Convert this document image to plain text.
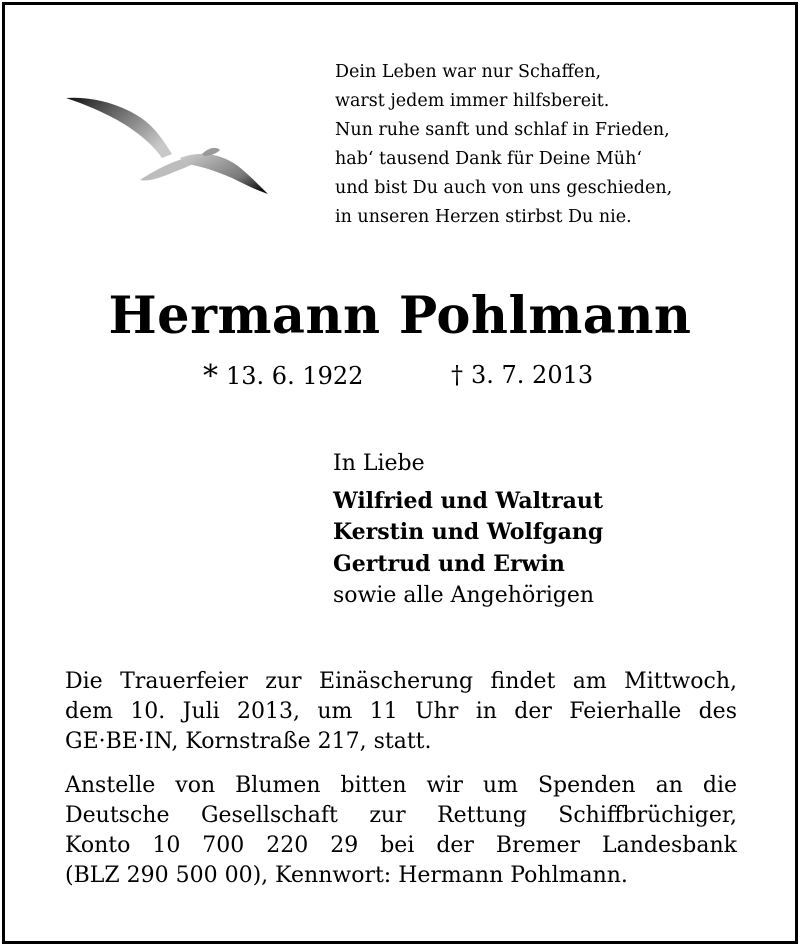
Dein Leben war nur Schaffen,
warst jedem immer hilfsbereit.
Nun ruhe sanft und schlaf in Frieden,
hab‘ tausend Dank für Deine Müh‘
und bist Du auch von uns geschieden,
in unseren Herzen stirbst Du nie.
Hermann Pohlmann
* 13. 6. 1922	† 3. 7. 2013
In Liebe
Wilfried und Waltraut
Kerstin und Wolfgang
Gertrud und Erwin
sowie alle Angehörigen

Die Trauerfeier zur Einäscherung findet am Mittwoch,
dem 10. Juli 2013, um 11 Uhr in der Feierhalle des
GE·BE·IN, Kornstraße 217, statt.

Anstelle von Blumen bitten wir um Spenden an die
Deutsche Gesellschaft zur Rettung Schiffbrüchiger,
Konto 10 700 220 29 bei der Bremer Landesbank
(BLZ 290 500 00), Kennwort: Hermann Pohlmann.
